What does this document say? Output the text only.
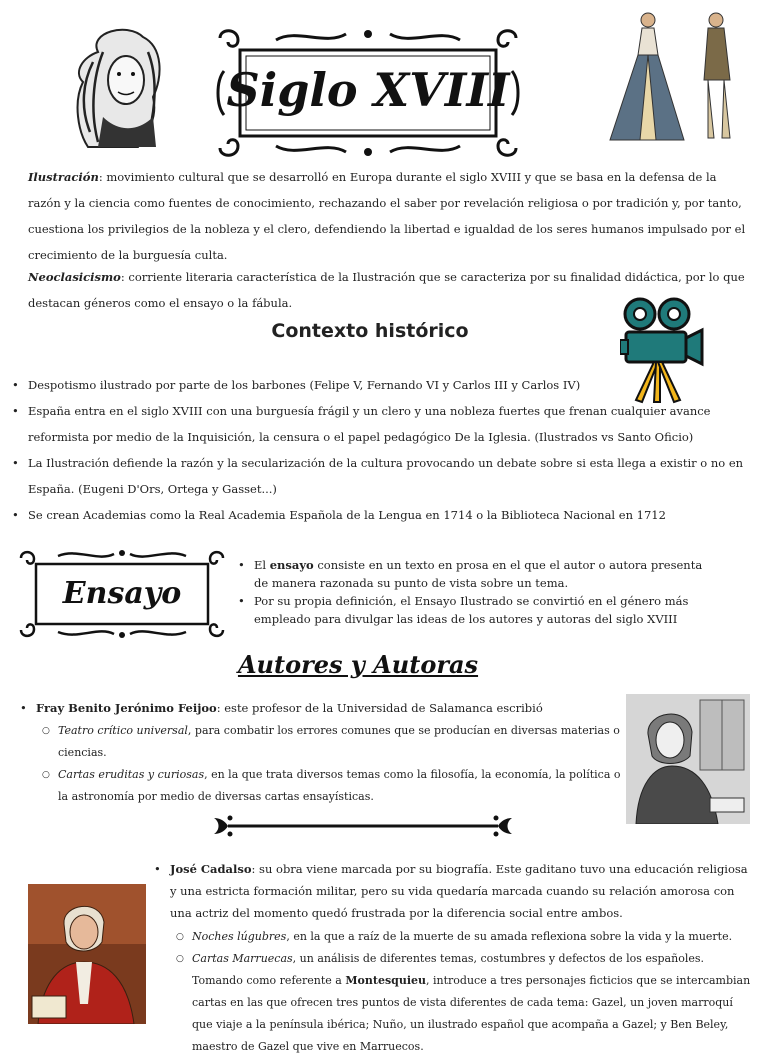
Siglo XVIII

Ilustración: movimiento cultural que se desarrolló en Europa durante el siglo XVIII y que se basa en la defensa de la razón y la ciencia como fuentes de conocimiento, rechazando el saber por revelación religiosa o por tradición y, por tanto, cuestiona los privilegios de la nobleza y el clero, defendiendo la libertad e igualdad de los seres humanos impulsado por el crecimiento de la burguesía culta.

Neoclasicismo: corriente literaria característica de la Ilustración que se caracteriza por su finalidad didáctica, por lo que destacan géneros como el ensayo o la fábula.

Contexto histórico
• Despotismo ilustrado por parte de los barbones (Felipe V, Fernando VI y Carlos III y Carlos IV)
• España entra en el siglo XVIII con una burguesía frágil y un clero y una nobleza fuertes que frenan cualquier avance reformista por medio de la Inquisición, la censura o el papel pedagógico De la Iglesia. (Ilustrados vs Santo Oficio)
• La Ilustración defiende la razón y la secularización de la cultura provocando un debate sobre si esta llega a existir o no en España. (Eugeni D'Ors, Ortega y Gasset...)
• Se crean Academias como la Real Academia Española de la Lengua en 1714 o la Biblioteca Nacional en 1712
Ensayo
• El ensayo consiste en un texto en prosa en el que el autor o autora presenta de manera razonada su punto de vista sobre un tema.
• Por su propia definición, el Ensayo Ilustrado se convirtió en el género más empleado para divulgar las ideas de los autores y autoras del siglo XVIII
Autores y Autoras
• Fray Benito Jerónimo Feijoo: este profesor de la Universidad de Salamanca escribió
○ Teatro crítico universal, para combatir los errores comunes que se producían en diversas materias o ciencias.
○ Cartas eruditas y curiosas, en la que trata diversos temas como la filosofía, la economía, la política o la astronomía por medio de diversas cartas ensayísticas.
• José Cadalso: su obra viene marcada por su biografía. Este gaditano tuvo una educación religiosa y una estricta formación militar, pero su vida quedaría marcada cuando su relación amorosa con una actriz del momento quedó frustrada por la diferencia social entre ambos.
○ Noches lúgubres, en la que a raíz de la muerte de su amada reflexiona sobre la vida y la muerte.
○ Cartas Marruecas, un análisis de diferentes temas, costumbres y defectos de los españoles. Tomando como referente a Montesquieu, introduce a tres personajes ficticios que se intercambian cartas en las que ofrecen tres puntos de vista diferentes de cada tema: Gazel, un joven marroquí que viaje a la península ibérica; Nuño, un ilustrado español que acompaña a Gazel; y Ben Beley, maestro de Gazel que vive en Marruecos.
